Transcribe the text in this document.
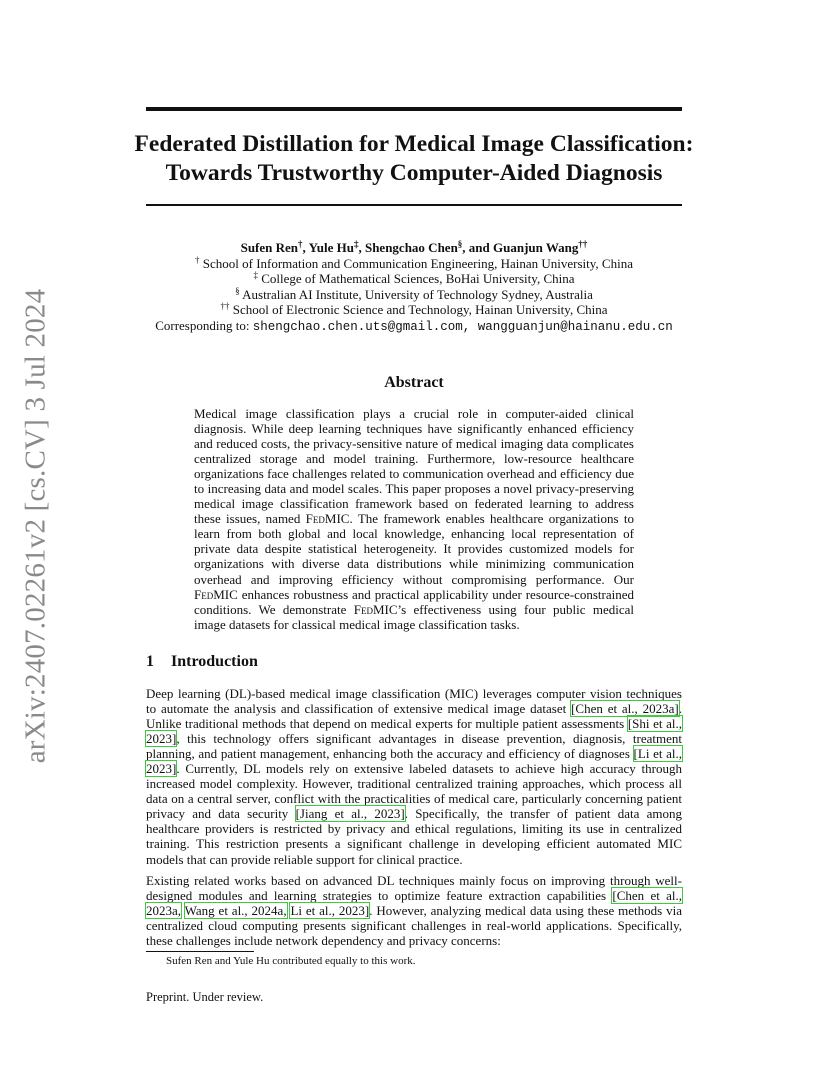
arXiv:2407.02261v2 [cs.CV] 3 Jul 2024
Federated Distillation for Medical Image Classification:
Towards Trustworthy Computer-Aided Diagnosis
Sufen Ren†, Yule Hu‡, Shengchao Chen§, and Guanjun Wang††
† School of Information and Communication Engineering, Hainan University, China
‡ College of Mathematical Sciences, BoHai University, China
§ Australian AI Institute, University of Technology Sydney, Australia
†† School of Electronic Science and Technology, Hainan University, China
Corresponding to: shengchao.chen.uts@gmail.com, wangguanjun@hainanu.edu.cn
Abstract
Medical image classification plays a crucial role in computer-aided clinical diagnosis. While deep learning techniques have significantly enhanced efficiency and reduced costs, the privacy-sensitive nature of medical imaging data complicates centralized storage and model training. Furthermore, low-resource healthcare organizations face challenges related to communication overhead and efficiency due to increasing data and model scales. This paper proposes a novel privacy-preserving medical image classification framework based on federated learning to address these issues, named FedMIC. The framework enables healthcare organizations to learn from both global and local knowledge, enhancing local representation of private data despite statistical heterogeneity. It provides customized models for organizations with diverse data distributions while minimizing communication overhead and improving efficiency without compromising performance. Our FedMIC enhances robustness and practical applicability under resource-constrained conditions. We demonstrate FedMIC’s effectiveness using four public medical image datasets for classical medical image classification tasks.
1 Introduction

Deep learning (DL)-based medical image classification (MIC) leverages computer vision techniques to automate the analysis and classification of extensive medical image dataset [Chen et al., 2023a]. Unlike traditional methods that depend on medical experts for multiple patient assessments [Shi et al., 2023], this technology offers significant advantages in disease prevention, diagnosis, treatment planning, and patient management, enhancing both the accuracy and efficiency of diagnoses [Li et al., 2023]. Currently, DL models rely on extensive labeled datasets to achieve high accuracy through increased model complexity. However, traditional centralized training approaches, which process all data on a central server, conflict with the practicalities of medical care, particularly concerning patient privacy and data security [Jiang et al., 2023]. Specifically, the transfer of patient data among healthcare providers is restricted by privacy and ethical regulations, limiting its use in centralized training. This restriction presents a significant challenge in developing efficient automated MIC models that can provide reliable support for clinical practice.

Existing related works based on advanced DL techniques mainly focus on improving through well-designed modules and learning strategies to optimize feature extraction capabilities [Chen et al., 2023a, Wang et al., 2024a, Li et al., 2023]. However, analyzing medical data using these methods via centralized cloud computing presents significant challenges in real-world applications. Specifically, these challenges include network dependency and privacy concerns:

Sufen Ren and Yule Hu contributed equally to this work.
Preprint. Under review.
